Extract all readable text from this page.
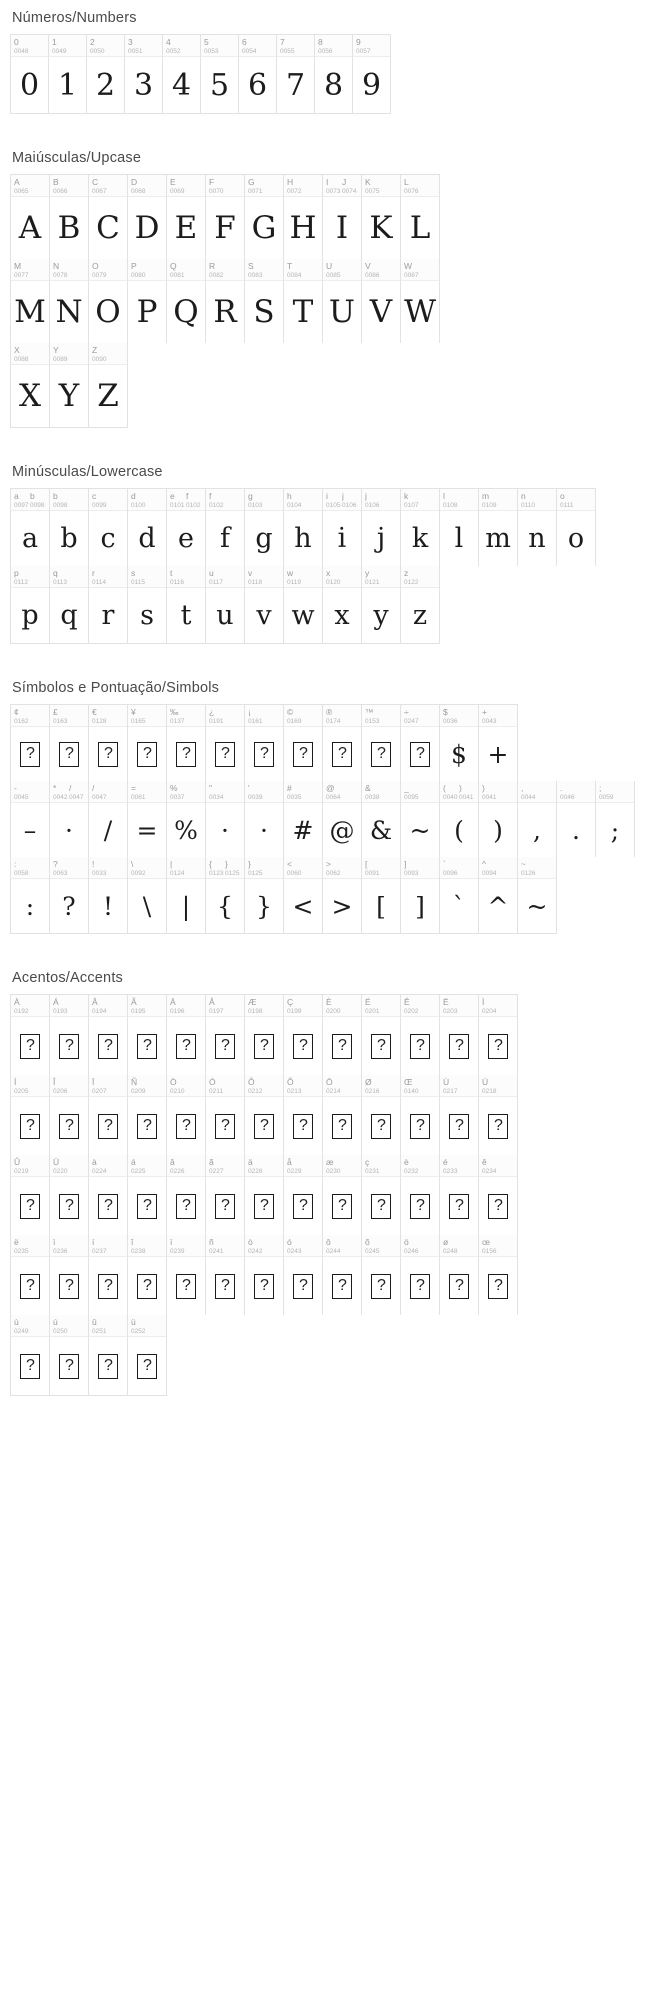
Números/Numbers
0
0048
0
1
0049
1
2
0050
2
3
0051
3
4
0052
4
5
0053
5
6
0054
6
7
0055
7
8
0056
8
9
0057
9
Maiúsculas/Upcase
A
0065
A
B
0066
B
C
0067
C
D
0068
D
E
0069
E
F
0070
F
G
0071
G
H
0072
H
I
0073
J
0074
I
K
0075
K
L
0076
L
M
0077
M
N
0078
N
O
0079
O
P
0080
P
Q
0081
Q
R
0082
R
S
0083
S
T
0084
T
U
0085
U
V
0086
V
W
0087
W
X
0088
X
Y
0089
Y
Z
0090
Z
Minúsculas/Lowercase
a
0097
b
0098
a
b
0098
b
c
0099
c
d
0100
d
e
0101
f
0102
e
f
0102
f
g
0103
g
h
0104
h
i
0105
j
0106
i
j
0106
j
k
0107
k
l
0108
l
m
0109
m
n
0110
n
o
0111
o
p
0112
p
q
0113
q
r
0114
r
s
0115
s
t
0116
t
u
0117
u
v
0118
v
w
0119
w
x
0120
x
y
0121
y
z
0122
z
Símbolos e Pontuação/Simbols
¢
0162
?
£
0163
?
€
0128
?
¥
0165
?
‰
0137
?
¿
0191
?
¡
0161
?
©
0169
?
®
0174
?
™
0153
?
÷
0247
?
$
0036
$
+
0043
+
-
0045
–
*
0042
/
0047
·
/
0047
/
=
0061
=
%
0037
%
"
0034
·
'
0039
·
#
0035
#
@
0064
@
&
0038
&
_
0095
~
(
0040
)
0041
(
)
0041
)
,
0044
,
.
0046
.
;
0059
;
:
0058
:
?
0063
?
!
0033
!
\
0092
\
|
0124
|
{
0123
}
0125
{
}
0125
}
<
0060
<
>
0062
>
[
0091
[
]
0093
]
`
0096
`
^
0094
^
~
0126
~
Acentos/Accents
À
0192
?
Á
0193
?
Â
0194
?
Ã
0195
?
Ä
0196
?
Å
0197
?
Æ
0198
?
Ç
0199
?
È
0200
?
É
0201
?
Ê
0202
?
Ë
0203
?
Ì
0204
?
Í
0205
?
Î
0206
?
Ï
0207
?
Ñ
0209
?
Ò
0210
?
Ó
0211
?
Ô
0212
?
Õ
0213
?
Ö
0214
?
Ø
0216
?
Œ
0140
?
Ù
0217
?
Ú
0218
?
Û
0219
?
Ü
0220
?
à
0224
?
á
0225
?
â
0226
?
ã
0227
?
ä
0228
?
å
0229
?
æ
0230
?
ç
0231
?
è
0232
?
é
0233
?
ê
0234
?
ë
0235
?
ì
0236
?
í
0237
?
î
0238
?
ï
0239
?
ñ
0241
?
ò
0242
?
ó
0243
?
ô
0244
?
õ
0245
?
ö
0246
?
ø
0248
?
œ
0156
?
ù
0249
?
ú
0250
?
û
0251
?
ü
0252
?
